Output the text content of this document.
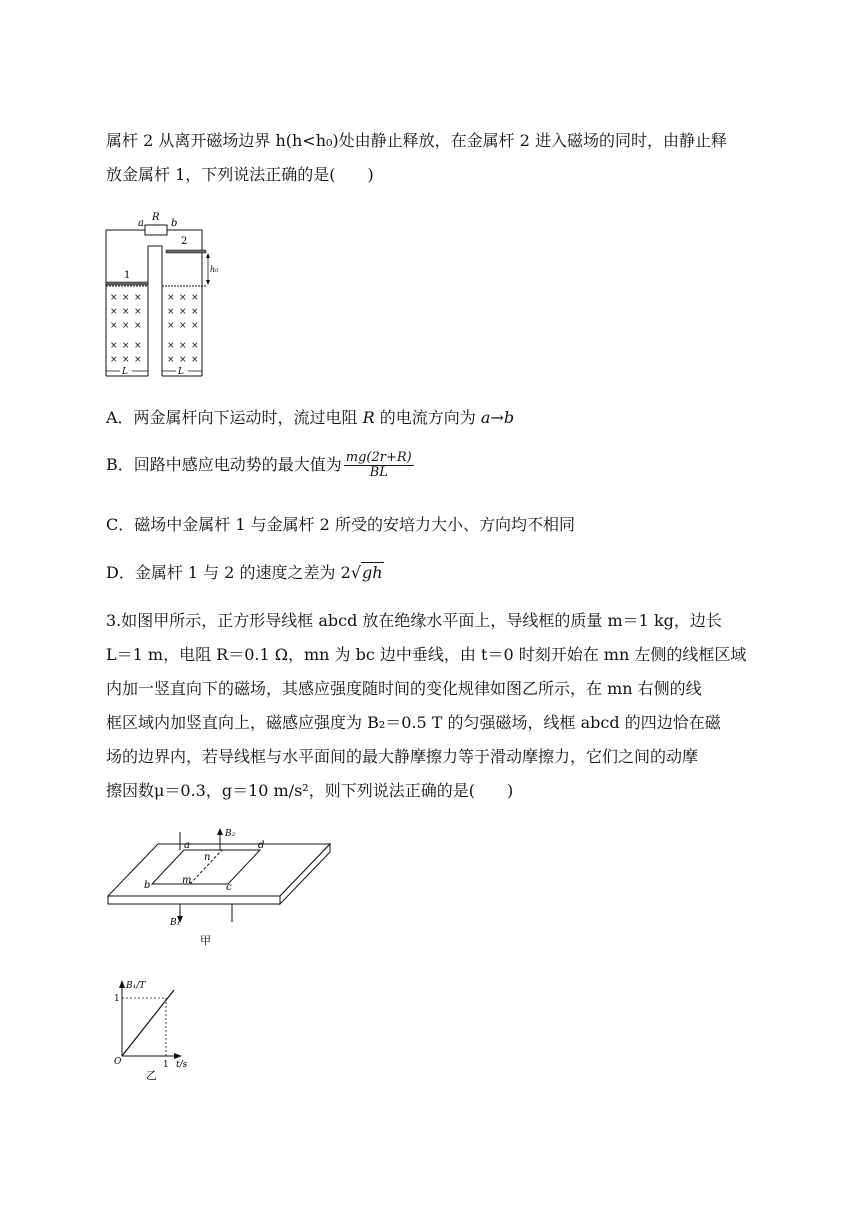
属杆 2 从离开磁场边界 h(h<h₀)处由静止释放，在金属杆 2 进入磁场的同时，由静止释
放金属杆 1，下列说法正确的是(　　)
h₀
a
R
b
2
1
× × ×
× × ×
× × ×
× × ×
× × ×
× × ×
× × ×
× × ×
× × ×
× × ×
L	L
A．两金属杆向下运动时，流过电阻 R 的电流方向为 a→b
B．回路中感应电动势的最大值为 $\frac{mg(2r+R)}{BL}$
C．磁场中金属杆 1 与金属杆 2 所受的安培力大小、方向均不相同
D．金属杆 1 与 2 的速度之差为 2√gh
3.如图甲所示，正方形导线框 abcd 放在绝缘水平面上，导线框的质量 m＝1 kg，边长
L＝1 m，电阻 R＝0.1 Ω，mn 为 bc 边中垂线，由 t＝0 时刻开始在 mn 左侧的线框区域
内加一竖直向下的磁场，其感应强度随时间的变化规律如图乙所示，在 mn 右侧的线
框区域内加竖直向上，磁感应强度为 B₂＝0.5 T 的匀强磁场，线框 abcd 的四边恰在磁
场的边界内，若导线框与水平面间的最大静摩擦力等于滑动摩擦力，它们之间的动摩
擦因数μ＝0.3，g＝10 m/s²，则下列说法正确的是(　　)
B₂
B₁
a
n
d
b	m
c
甲
B₁/T
1
O	1 t/s
乙
